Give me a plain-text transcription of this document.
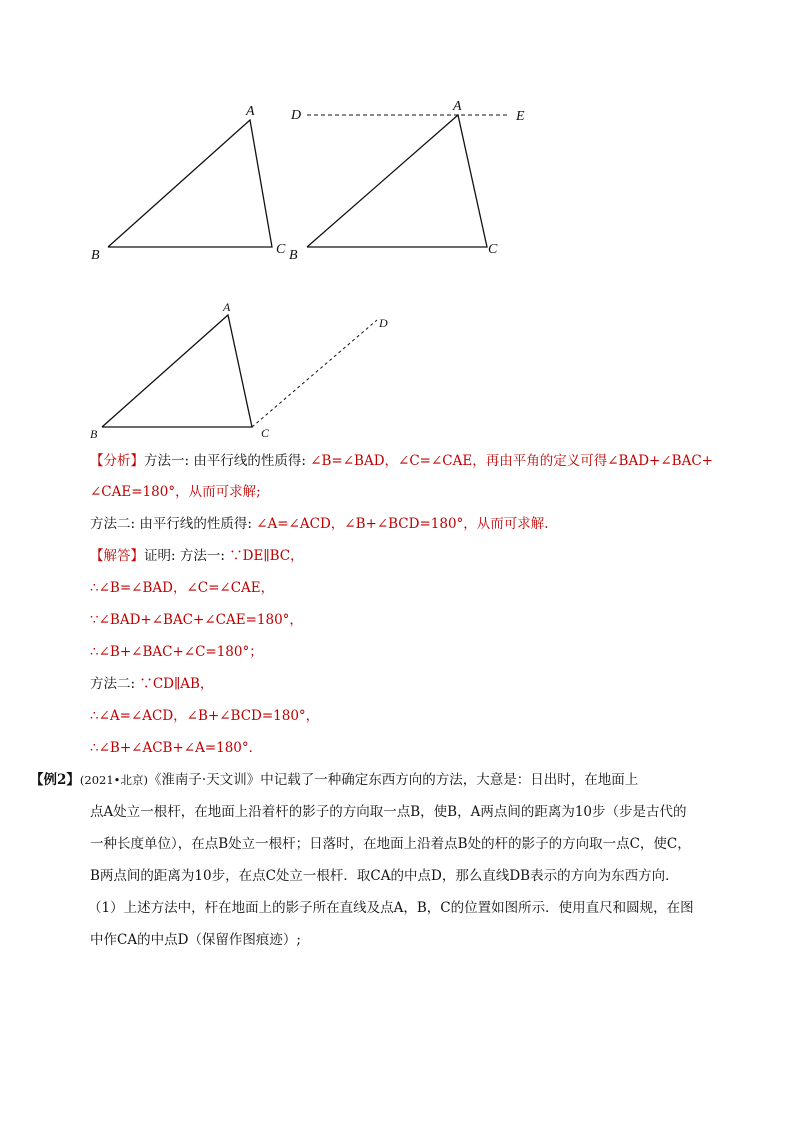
A
B	C
D
A
E
B	C
A
B	C
D
【分析】方法一: 由平行线的性质得: ∠B=∠BAD，∠C=∠CAE，再由平角的定义可得∠BAD+∠BAC+
∠CAE=180°，从而可求解;
方法二: 由平行线的性质得: ∠A=∠ACD，∠B+∠BCD=180°，从而可求解.
【解答】证明: 方法一: ∵DE∥BC，
∴∠B=∠BAD，∠C=∠CAE，
∵∠BAD+∠BAC+∠CAE=180°，
∴∠B+∠BAC+∠C=180°；
方法二: ∵CD∥AB，
∴∠A=∠ACD，∠B+∠BCD=180°，
∴∠B+∠ACB+∠A=180°．
【例2】(2021•北京)《淮南子·天文训》中记载了一种确定东西方向的方法，大意是：日出时，在地面上
点A处立一根杆，在地面上沿着杆的影子的方向取一点B，使B，A两点间的距离为10步（步是古代的
一种长度单位），在点B处立一根杆；日落时，在地面上沿着点B处的杆的影子的方向取一点C，使C，
B两点间的距离为10步，在点C处立一根杆．取CA的中点D，那么直线DB表示的方向为东西方向．
（1）上述方法中，杆在地面上的影子所在直线及点A，B，C的位置如图所示．使用直尺和圆规，在图
中作CA的中点D（保留作图痕迹）;
